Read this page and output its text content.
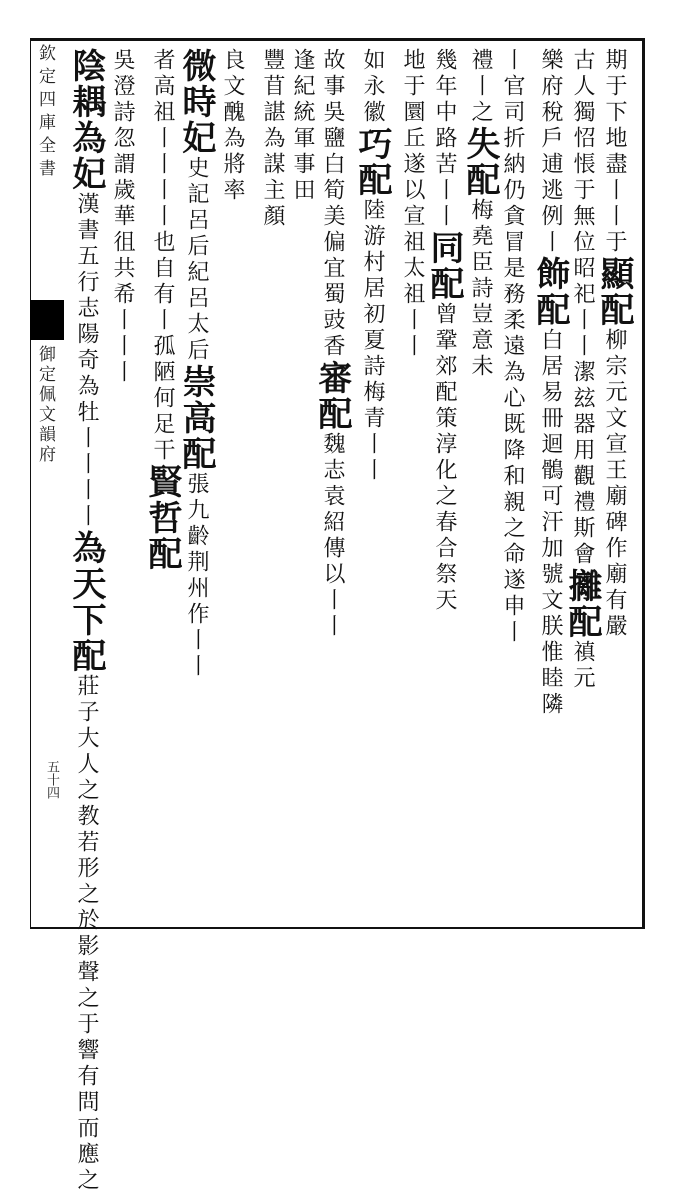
欽定四庫全書
御定佩文韻府
五十四
期于下地盡丨丨于顯配柳宗元文宣王廟碑作廟有嚴
古人獨怊悵于無位昭祀丨丨潔玆器用觀禮斯會攡配禛元
樂府稅戶逋逃例丨飾配白居易冊迴鶻可汗加號文朕惟睦隣
丨官司折納仍貪冒是務柔遠為心既降和親之命遂申丨
禮丨之失配梅堯臣詩豈意未
幾年中路苦丨丨同配曾鞏郊配策淳化之春合祭天
地于圜丘遂以宣祖太祖丨丨
如永徽巧配陸游村居初夏詩梅青丨丨
故事吳鹽白筍美偏宜蜀豉香審配魏志袁紹傳以丨丨
逢紀統軍事田
豐苜諶為謀主顏
良文醜為將率
微時妃史記呂后紀呂太后崇高配張九齡荆州作丨丨
者高祖丨丨丨丨也自有丨孤陋何足干賢哲配
吳澄詩忽謂歲華徂共希丨丨丨
陰耦為妃漢書五行志陽奇為牡丨丨丨丨為天下配莊子大人之教若形之於影聲之于響有問而應之
